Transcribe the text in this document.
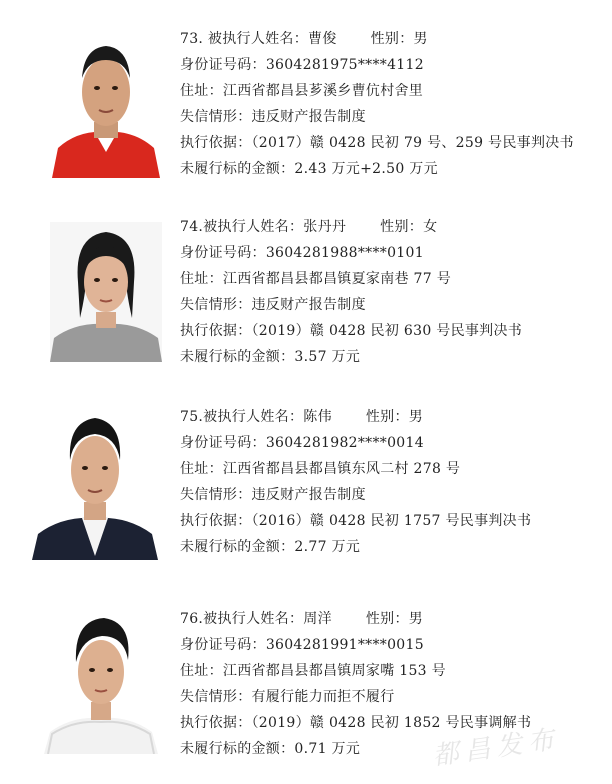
73. 被执行人姓名：曹俊 性别：男
身份证号码：3604281975****4112
住址：江西省都昌县芗溪乡曹伉村舍里
失信情形：违反财产报告制度
执行依据：（2017）赣 0428 民初 79 号、259 号民事判决书
未履行标的金额：2.43 万元+2.50 万元
74.被执行人姓名：张丹丹 性别：女
身份证号码：3604281988****0101
住址：江西省都昌县都昌镇夏家南巷 77 号
失信情形：违反财产报告制度
执行依据：（2019）赣 0428 民初 630 号民事判决书
未履行标的金额：3.57 万元
75.被执行人姓名：陈伟 性别：男
身份证号码：3604281982****0014
住址：江西省都昌县都昌镇东风二村 278 号
失信情形：违反财产报告制度
执行依据：（2016）赣 0428 民初 1757 号民事判决书
未履行标的金额：2.77 万元
76.被执行人姓名：周洋 性别：男
身份证号码：3604281991****0015
住址：江西省都昌县都昌镇周家嘴 153 号
失信情形：有履行能力而拒不履行
执行依据：（2019）赣 0428 民初 1852 号民事调解书
未履行标的金额：0.71 万元	都昌发布
